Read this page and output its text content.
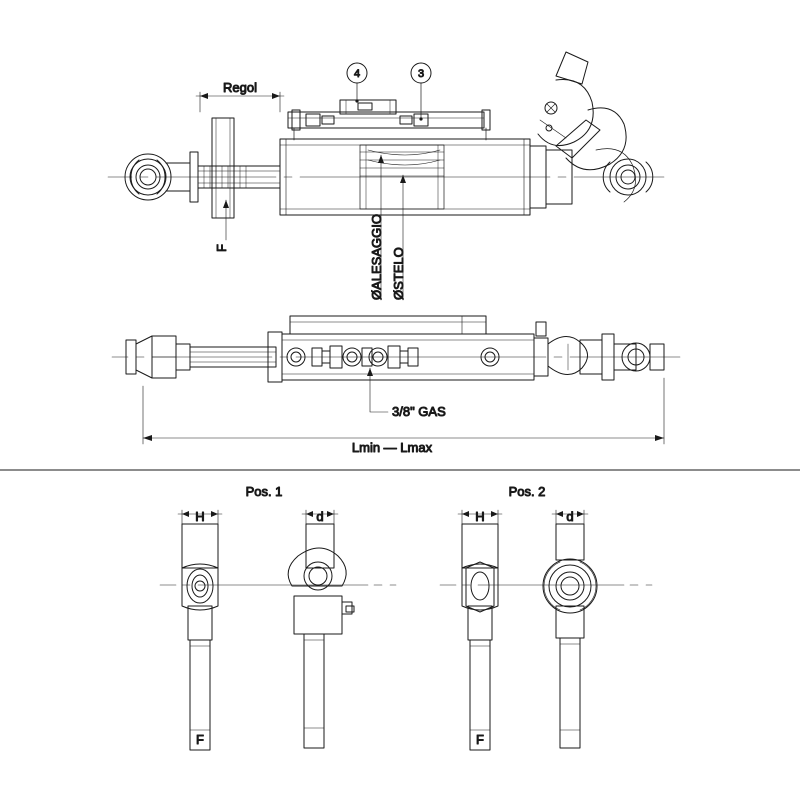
4	3
Regol
F	ØALESAGGIO ØSTELO
3/8" GAS
Lmin — Lmax
H
F
d
Pos. 1
H
F
d
Pos. 2
